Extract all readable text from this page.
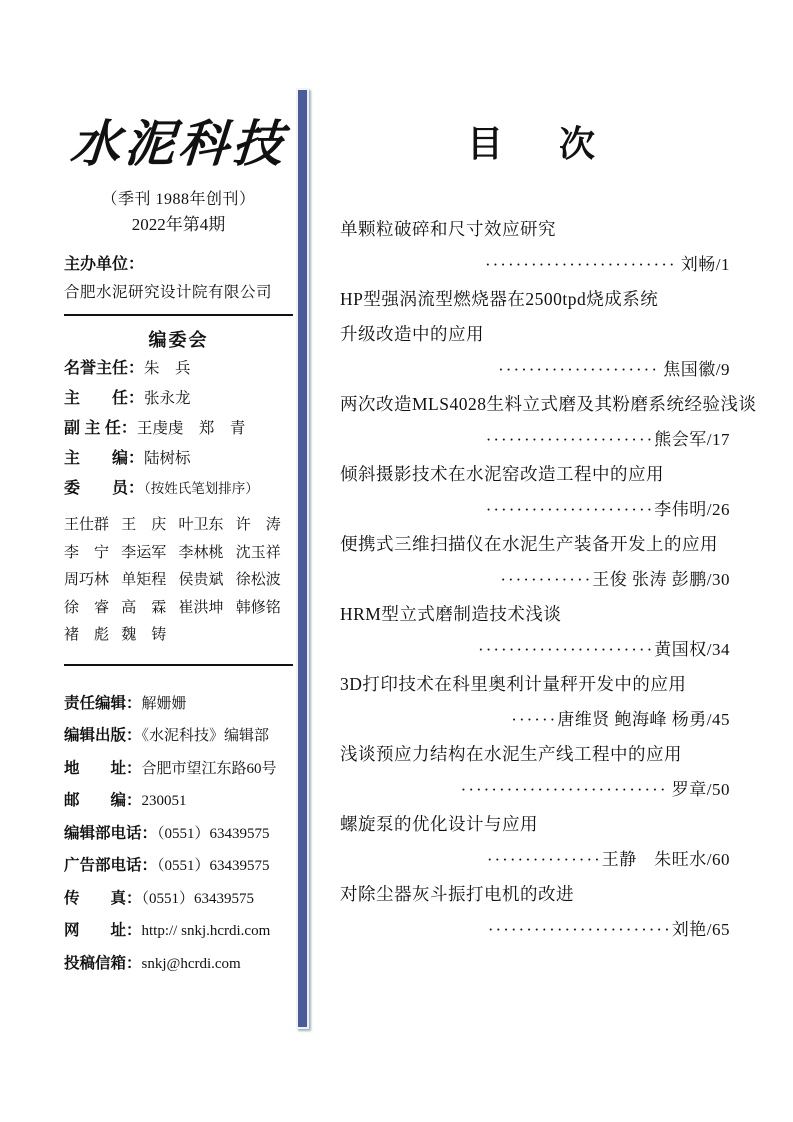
水泥科技
（季刊 1988年创刊）
2022年第4期
主办单位：
合肥水泥研究设计院有限公司
编委会
名誉主任：朱　兵
主　　任：张永龙
副 主 任：王虔虔　郑　青
主　　编：陆树标
委　　员：（按姓氏笔划排序）
王仕群 王　庆 叶卫东 许　涛
李　宁 李运军 李林桃 沈玉祥
周巧林 单矩程 侯贵斌 徐松波
徐　睿 高　霖 崔洪坤 韩修铭
褚　彪 魏　铸
责任编辑：解姗姗
编辑出版：《水泥科技》编辑部
地　　址：合肥市望江东路60号
邮　　编：230051
编辑部电话：（0551）63439575
广告部电话：（0551）63439575
传　　真：（0551）63439575
网　　址：http:// snkj.hcrdi.com
投稿信箱：snkj@hcrdi.com
目　次
单颗粒破碎和尺寸效应研究
························· 刘畅/1
HP型强涡流型燃烧器在2500tpd烧成系统
升级改造中的应用
····················· 焦国徽/9
两次改造MLS4028生料立式磨及其粉磨系统经验浅谈
······················熊会军/17
倾斜摄影技术在水泥窑改造工程中的应用
······················李伟明/26
便携式三维扫描仪在水泥生产装备开发上的应用
············王俊 张涛 彭鹏/30
HRM型立式磨制造技术浅谈
·······················黄国权/34
3D打印技术在科里奥利计量秤开发中的应用
······唐维贤 鲍海峰 杨勇/45
浅谈预应力结构在水泥生产线工程中的应用
··························· 罗章/50
螺旋泵的优化设计与应用
···············王静　朱旺水/60
对除尘器灰斗振打电机的改进
························刘艳/65
